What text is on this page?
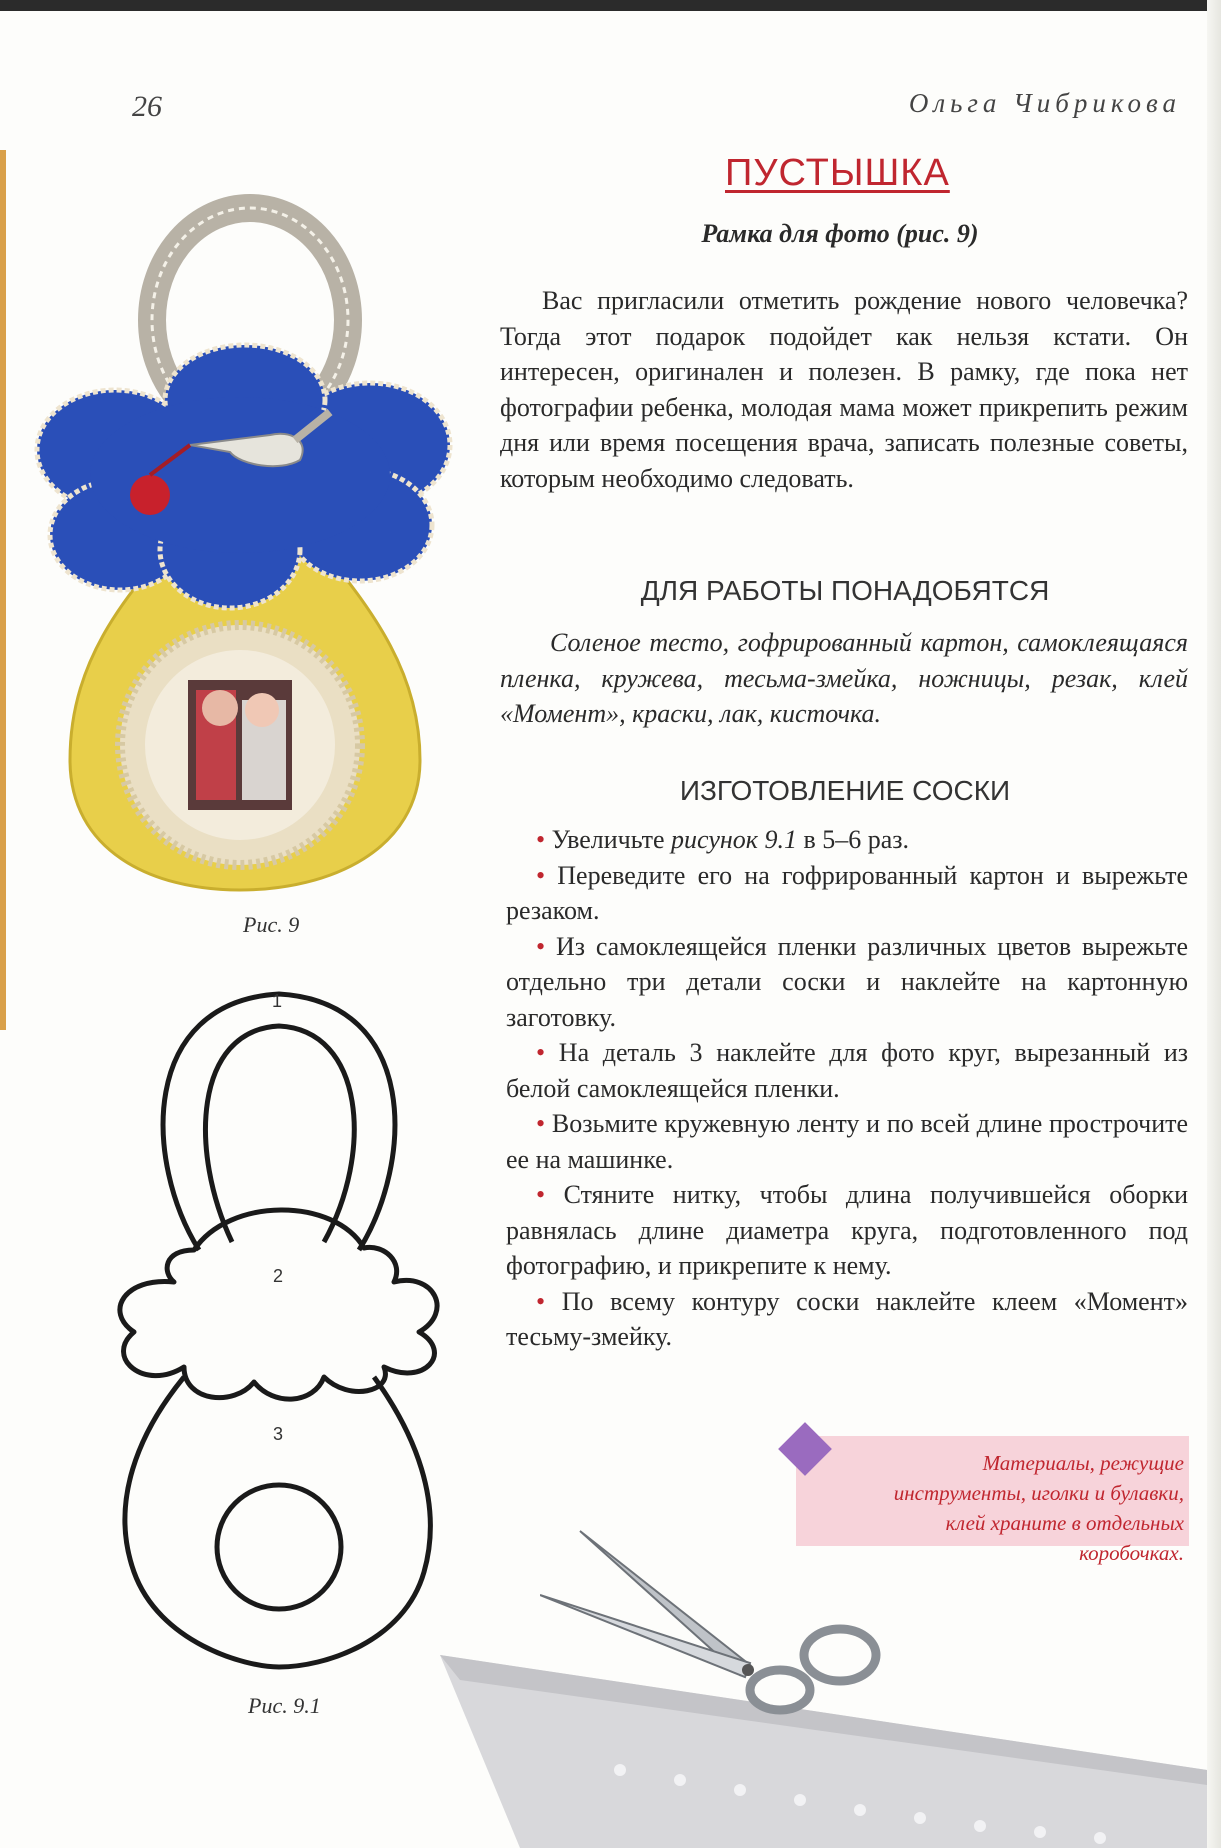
26	Ольга Чибрикова
ПУСТЫШКА
Рамка для фото (рис. 9)
Вас пригласили отметить рождение нового человечка? Тогда этот подарок подойдет как нельзя кстати. Он интересен, оригинален и полезен. В рамку, где пока нет фотографии ребенка, молодая мама может прикрепить режим дня или время посещения врача, записать полезные советы, которым необходимо следовать.
ДЛЯ РАБОТЫ ПОНАДОБЯТСЯ
Соленое тесто, гофрированный картон, самоклеящаяся пленка, кружева, тесьма-змейка, ножницы, резак, клей «Момент», краски, лак, кисточка.
ИЗГОТОВЛЕНИЕ СОСКИ

• Увеличьте рисунок 9.1 в 5–6 раз.

• Переведите его на гофрированный картон и вырежьте резаком.

• Из самоклеящейся пленки различных цветов вырежьте отдельно три детали соски и наклейте на картонную заготовку.

• На деталь 3 наклейте для фото круг, вырезанный из белой самоклеящейся пленки.

• Возьмите кружевную ленту и по всей длине прострочите ее на машинке.

• Стяните нитку, чтобы длина получившейся оборки равнялась длине диаметра круга, подготовленного под фотографию, и прикрепите к нему.

• По всему контуру соски наклейте клеем «Момент» тесьму-змейку.

Рис. 9
1
2
3
Рис. 9.1
Материалы, режущие инструменты, иголки и булавки, клей храните в отдельных коробочках.
